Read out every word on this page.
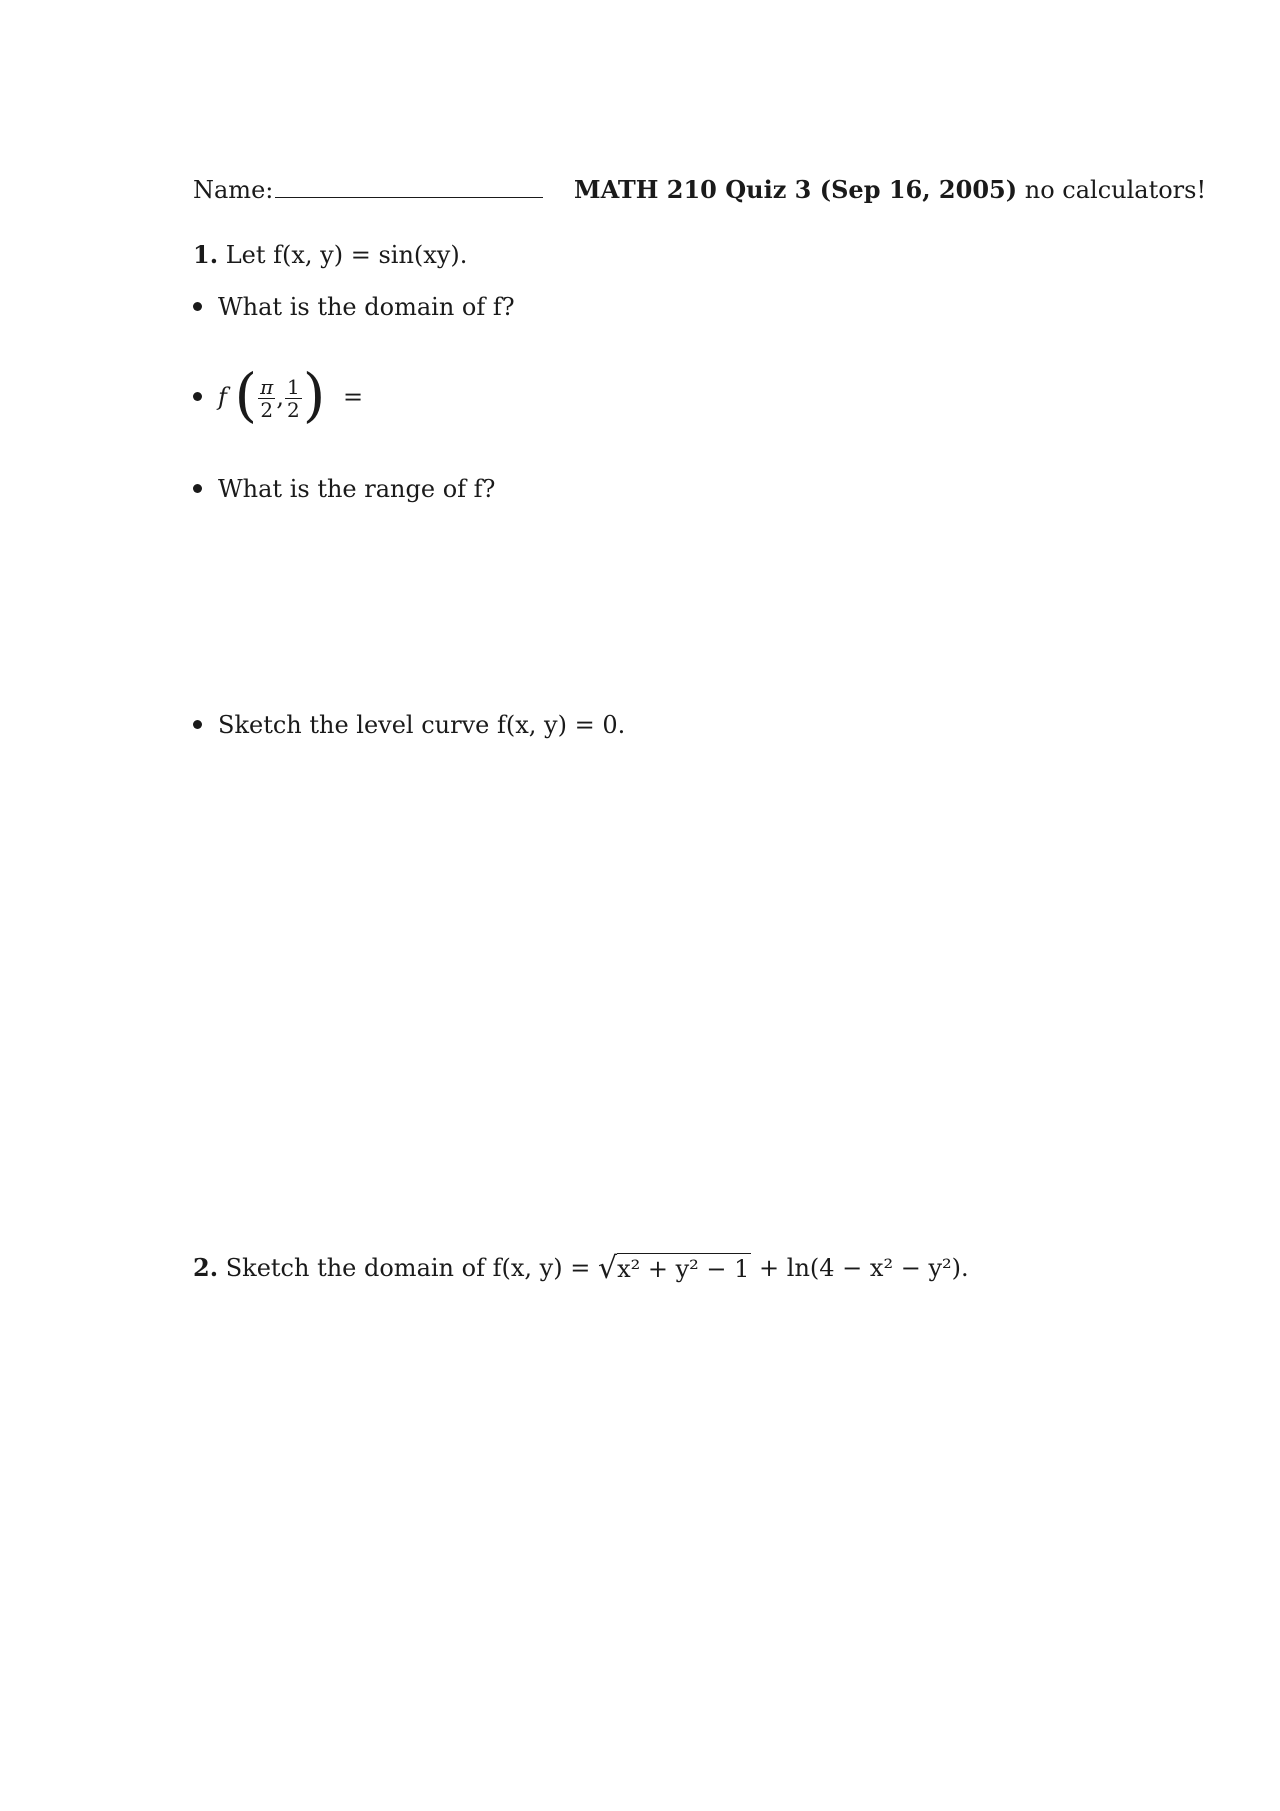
Name:	MATH 210 Quiz 3 (Sep 16, 2005) no calculators!
1. Let f(x, y) = sin(xy).
What is the domain of f?
f ( $\frac{\pi}{2}$ , $\frac{1}{2}$ ) =
What is the range of f?
Sketch the level curve f(x, y) = 0.
2. Sketch the domain of f(x, y) = √ x² + y² − 1 + ln(4 − x² − y²).
